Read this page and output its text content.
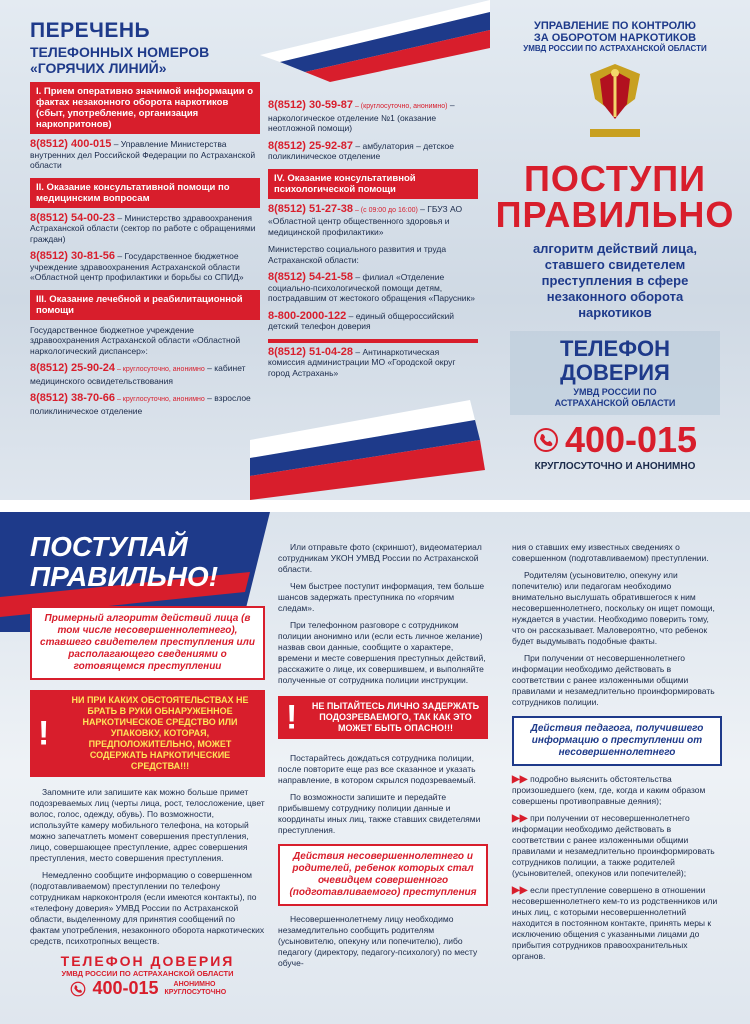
ПЕРЕЧЕНЬ
ТЕЛЕФОННЫХ НОМЕРОВ «ГОРЯЧИХ ЛИНИЙ»
I. Прием оперативно значимой информации о фактах незаконного оборота наркотиков (сбыт, употребление, организация наркопритонов)
8(8512) 400-015 – Управление Министерства внутренних дел Российской Федерации по Астраханской области
II. Оказание консультативной помощи по медицинским вопросам
8(8512) 54-00-23 – Министерство здравоохранения Астраханской области (сектор по работе с обращениями граждан)
8(8512) 30-81-56 – Государственное бюджетное учреждение здравоохранения Астраханской области «Областной центр профилактики и борьбы со СПИД»
III. Оказание лечебной и реабилитационной помощи
Государственное бюджетное учреждение здравоохранения Астраханской области «Областной наркологический диспансер»:
8(8512) 25-90-24 – круглосуточно, анонимно – кабинет медицинского освидетельствования
8(8512) 38-70-66 – круглосуточно, анонимно – взрослое поликлиническое отделение
8(8512) 30-59-87 – (круглосуточно, анонимно) – наркологическое отделение №1 (оказание неотложной помощи)
8(8512) 25-92-87 – амбулатория – детское поликлиническое отделение
IV. Оказание консультативной психологической помощи
8(8512) 51-27-38 – (с 09:00 до 16:00) – ГБУЗ АО «Областной центр общественного здоровья и медицинской профилактики»
Министерство социального развития и труда Астраханской области:
8(8512) 54-21-58 – филиал «Отделение социально-психологической помощи детям, пострадавшим от жестокого обращения «Парусник»
8-800-2000-122 – единый общероссийский детский телефон доверия
8(8512) 51-04-28 – Антинаркотическая комиссия администрации МО «Городской округ город Астрахань»
УПРАВЛЕНИЕ ПО КОНТРОЛЮ
ЗА ОБОРОТОМ НАРКОТИКОВ
УМВД РОССИИ ПО АСТРАХАНСКОЙ ОБЛАСТИ
ПОСТУПИ
ПРАВИЛЬНО
алгоритм действий лица, ставшего свидетелем преступления в сфере незаконного оборота наркотиков
ТЕЛЕФОН
ДОВЕРИЯ
УМВД РОССИИ ПО АСТРАХАНСКОЙ ОБЛАСТИ
400-015
КРУГЛОСУТОЧНО И АНОНИМНО
ПОСТУПАЙ
ПРАВИЛЬНО!
Примерный алгоритм действий лица (в том числе несовершеннолетнего), ставшего свидетелем преступления или располагающего сведениями о готовящемся преступлении
!
НИ ПРИ КАКИХ ОБСТОЯТЕЛЬСТВАХ НЕ БРАТЬ В РУКИ ОБНАРУЖЕННОЕ НАРКОТИЧЕСКОЕ СРЕДСТВО ИЛИ УПАКОВКУ, КОТОРАЯ, ПРЕДПОЛОЖИТЕЛЬНО, МОЖЕТ СОДЕРЖАТЬ НАРКОТИЧЕСКИЕ СРЕДСТВА!!!

Запомните или запишите как можно больше примет подозреваемых лиц (черты лица, рост, телосложение, цвет волос, голос, одежду, обувь). По возможности, используйте камеру мобильного телефона, на который можно запечатлеть момент совершения преступления, лицо, совершающее преступление, адрес совершения преступления, место совершения преступления.

Немедленно сообщите информацию о совершенном (подготавливаемом) преступлении по телефону сотрудникам наркоконтроля (если имеются контакты), по «телефону доверия» УМВД России по Астраханской области, выделенному для принятия сообщений по фактам употребления, незаконного оборота наркотических средств, психотропных веществ.

ТЕЛЕФОН ДОВЕРИЯ
УМВД РОССИИ ПО АСТРАХАНСКОЙ ОБЛАСТИ
400-015	АНОНИМНО КРУГЛОСУТОЧНО

Или отправьте фото (скриншот), видеоматериал сотрудникам УКОН УМВД России по Астраханской области.

Чем быстрее поступит информация, тем больше шансов задержать преступника по «горячим следам».

При телефонном разговоре с сотрудником полиции анонимно или (если есть личное желание) назвав свои данные, сообщите о характере, времени и месте совершения преступных действий, расскажите о лице, их совершившем, и выполняйте полученные от сотрудника полиции инструкции.

! НЕ ПЫТАЙТЕСЬ ЛИЧНО ЗАДЕРЖАТЬ ПОДОЗРЕВАЕМОГО, ТАК КАК ЭТО МОЖЕТ БЫТЬ ОПАСНО!!!

Постарайтесь дождаться сотрудника полиции, после повторите еще раз все сказанное и указать направление, в котором скрылся подозреваемый.

По возможности запишите и передайте прибывшему сотруднику полиции данные и координаты иных лиц, также ставших свидетелями преступления.

Действия несовершеннолетнего и родителей, ребенок которых стал очевидцем совершенного (подготавливаемого) преступления

Несовершеннолетнему лицу необходимо незамедлительно сообщить родителям (усыновителю, опекуну или попечителю), либо педагогу (директору, педагогу-психологу) по месту обуче-

ния о ставших ему известных сведениях о совершенном (подготавливаемом) преступлении.

Родителям (усыновителю, опекуну или попечителю) или педагогам необходимо внимательно выслушать обратившегося к ним несовершеннолетнего, поскольку он ищет помощи, нуждается в участии. Необходимо поверить тому, что он рассказывает. Маловероятно, что ребенок будет выдумывать подобные факты.

При получении от несовершеннолетнего информации необходимо действовать в соответствии с ранее изложенными общими правилами и незамедлительно проинформировать сотрудников полиции.

Действия педагога, получившего информацию о преступлении от несовершеннолетнего
▶▶ подробно выяснить обстоятельства произошедшего (кем, где, когда и каким образом совершены противоправные деяния);
▶▶ при получении от несовершеннолетнего информации необходимо действовать в соответствии с ранее изложенными общими правилами и незамедлительно проинформировать сотрудников полиции, а также родителей (усыновителей, опекунов или попечителей);
▶▶ если преступление совершено в отношении несовершеннолетнего кем-то из родственников или иных лиц, с которыми несовершеннолетний находится в постоянном контакте, принять меры к исключению общения с указанными лицами до прибытия сотрудников правоохранительных органов.
